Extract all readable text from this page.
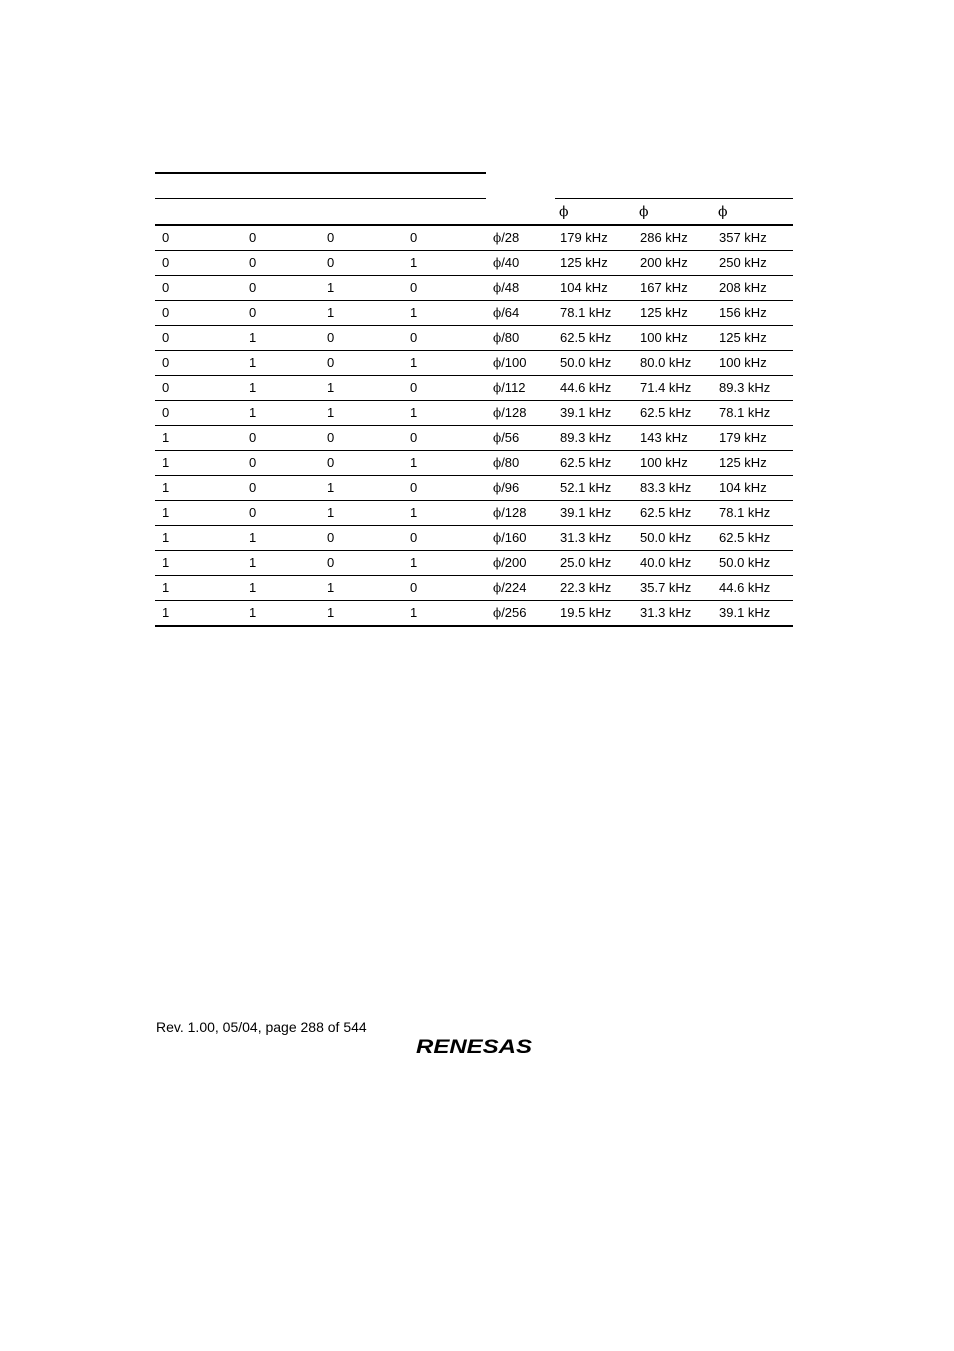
ϕ	ϕ	ϕ
0	0	0	0	ϕ/28	179 kHz 286 kHz 357 kHz
0	0	0	1	ϕ/40	125 kHz 200 kHz 250 kHz
0	0	1	0	ϕ/48	104 kHz 167 kHz 208 kHz
0	0	1	1	ϕ/64	78.1 kHz 125 kHz 156 kHz
0	1	0	0	ϕ/80	62.5 kHz 100 kHz 125 kHz
0	1	0	1	ϕ/100	50.0 kHz 80.0 kHz 100 kHz
0	1	1	0	ϕ/112	44.6 kHz 71.4 kHz 89.3 kHz
0	1	1	1	ϕ/128	39.1 kHz 62.5 kHz 78.1 kHz
1	0	0	0	ϕ/56	89.3 kHz 143 kHz 179 kHz
1	0	0	1	ϕ/80	62.5 kHz 100 kHz 125 kHz
1	0	1	0	ϕ/96	52.1 kHz 83.3 kHz 104 kHz
1	0	1	1	ϕ/128	39.1 kHz 62.5 kHz 78.1 kHz
1	1	0	0	ϕ/160	31.3 kHz 50.0 kHz 62.5 kHz
1	1	0	1	ϕ/200	25.0 kHz 40.0 kHz 50.0 kHz
1	1	1	0	ϕ/224	22.3 kHz 35.7 kHz 44.6 kHz
1	1	1	1	ϕ/256	19.5 kHz 31.3 kHz 39.1 kHz
Rev. 1.00, 05/04, page 288 of 544
RENESAS
